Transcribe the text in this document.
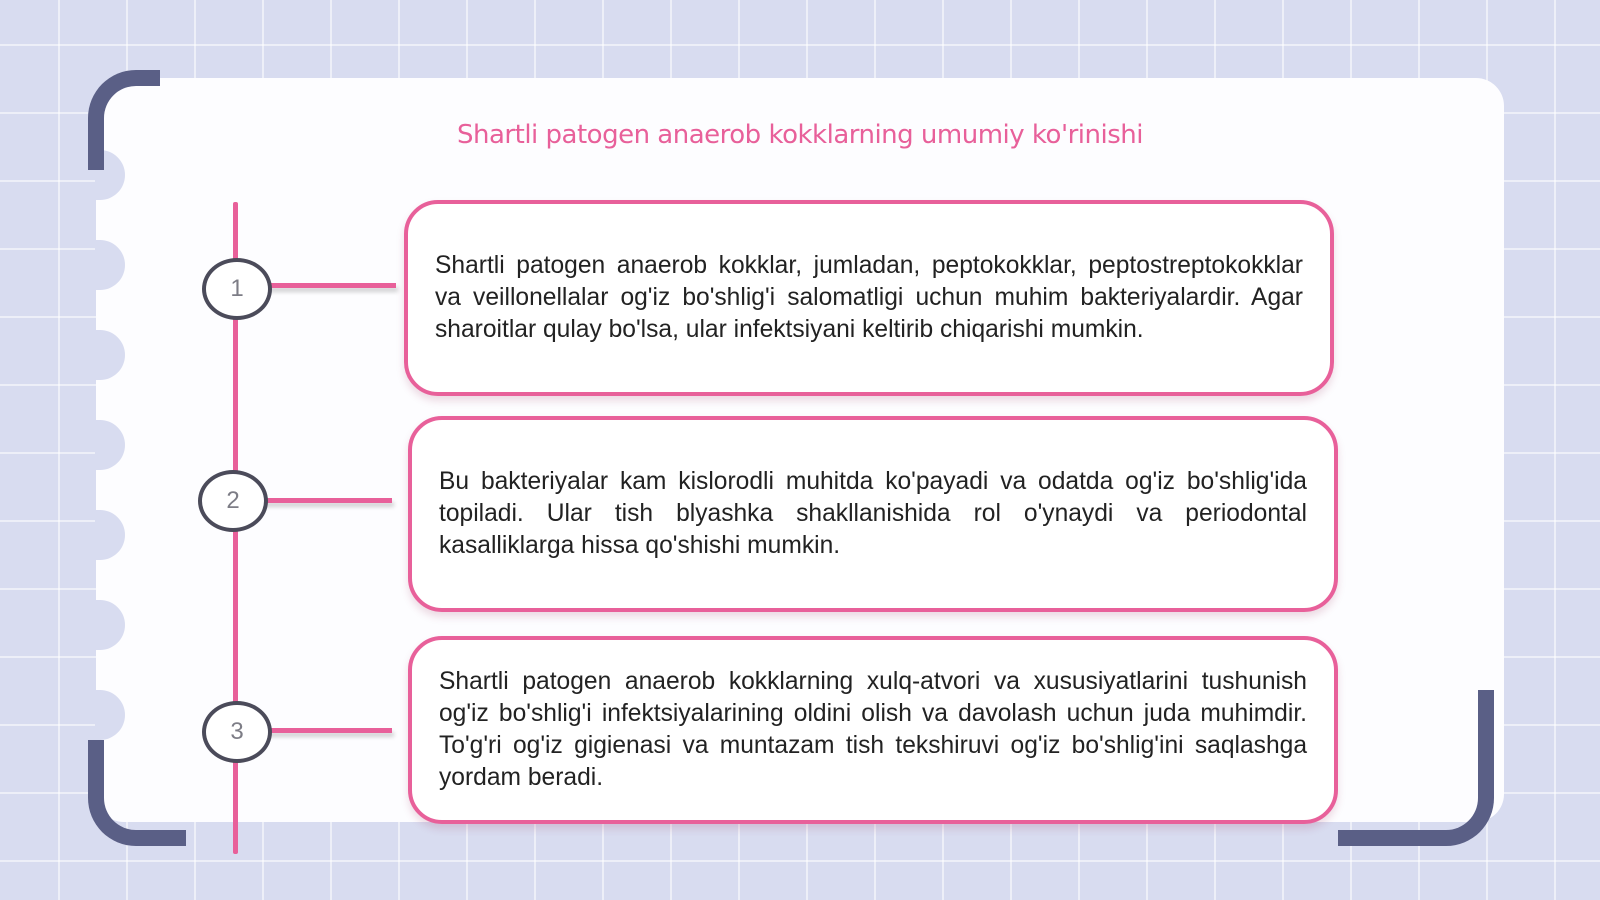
Shartli patogen anaerob kokklarning umumiy ko'rinishi
1
2
3

Shartli patogen anaerob kokklar, jumladan, peptokokklar, peptostreptokokklar va veillonellalar og'iz bo'shlig'i salomatligi uchun muhim bakteriyalardir. Agar sharoitlar qulay bo'lsa, ular infektsiyani keltirib chiqarishi mumkin.

Bu bakteriyalar kam kislorodli muhitda ko'payadi va odatda og'iz bo'shlig'ida topiladi. Ular tish blyashka shakllanishida rol o'ynaydi va periodontal kasalliklarga hissa qo'shishi mumkin.

Shartli patogen anaerob kokklarning xulq-atvori va xususiyatlarini tushunish og'iz bo'shlig'i infektsiyalarining oldini olish va davolash uchun juda muhimdir. To'g'ri og'iz gigienasi va muntazam tish tekshiruvi og'iz bo'shlig'ini saqlashga yordam beradi.
